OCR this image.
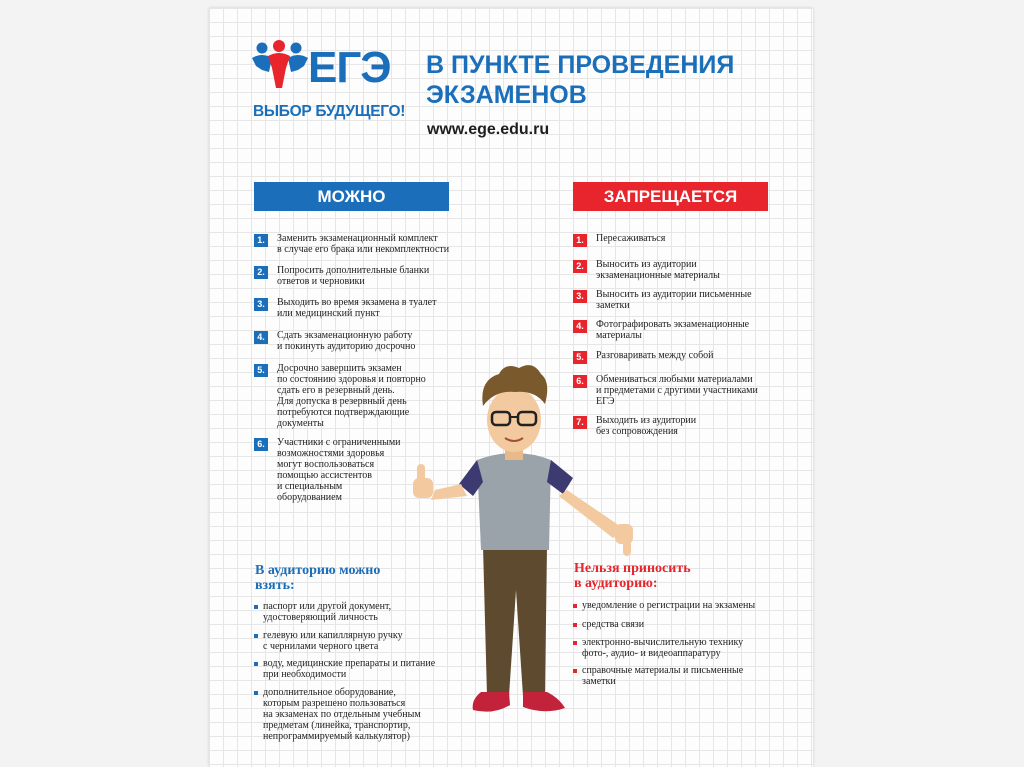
ЕГЭ
ВЫБОР БУДУЩЕГО!
В ПУНКТЕ ПРОВЕДЕНИЯ
ЭКЗАМЕНОВ
www.ege.edu.ru
МОЖНО	ЗАПРЕЩАЕТСЯ
1.	Заменить экзаменационный комплект
в случае его брака или некомплектности
2.	Попросить дополнительные бланки
ответов и черновики
3.	Выходить во время экзамена в туалет
или медицинский пункт
4.	Сдать экзаменационную работу
и покинуть аудиторию досрочно
5.	Досрочно завершить экзамен
по состоянию здоровья и повторно
сдать его в резервный день.
Для допуска в резервный день
потребуются подтверждающие
документы
6.	Участники с ограниченными
возможностями здоровья
могут воспользоваться
помощью ассистентов
и специальным
оборудованием
1.	Пересаживаться
2.	Выносить из аудитории
экзаменационные материалы
3.	Выносить из аудитории письменные
заметки
4.	Фотографировать экзаменационные
материалы
5.	Разговаривать между собой
6.	Обмениваться любыми материалами
и предметами с другими участниками
ЕГЭ
7.	Выходить из аудитории
без сопровождения
В аудиторию можно
взять:
паспорт или другой документ,
удостоверяющий личность
гелевую или капиллярную ручку
с чернилами черного цвета
воду, медицинские препараты и питание
при необходимости
дополнительное оборудование,
которым разрешено пользоваться
на экзаменах по отдельным учебным
предметам (линейка, транспортир,
непрограммируемый калькулятор)
Нельзя приносить
в аудиторию:
уведомление о регистрации на экзамены
средства связи
электронно-вычислительную технику
фото-, аудио- и видеоаппаратуру
справочные материалы и письменные
заметки
